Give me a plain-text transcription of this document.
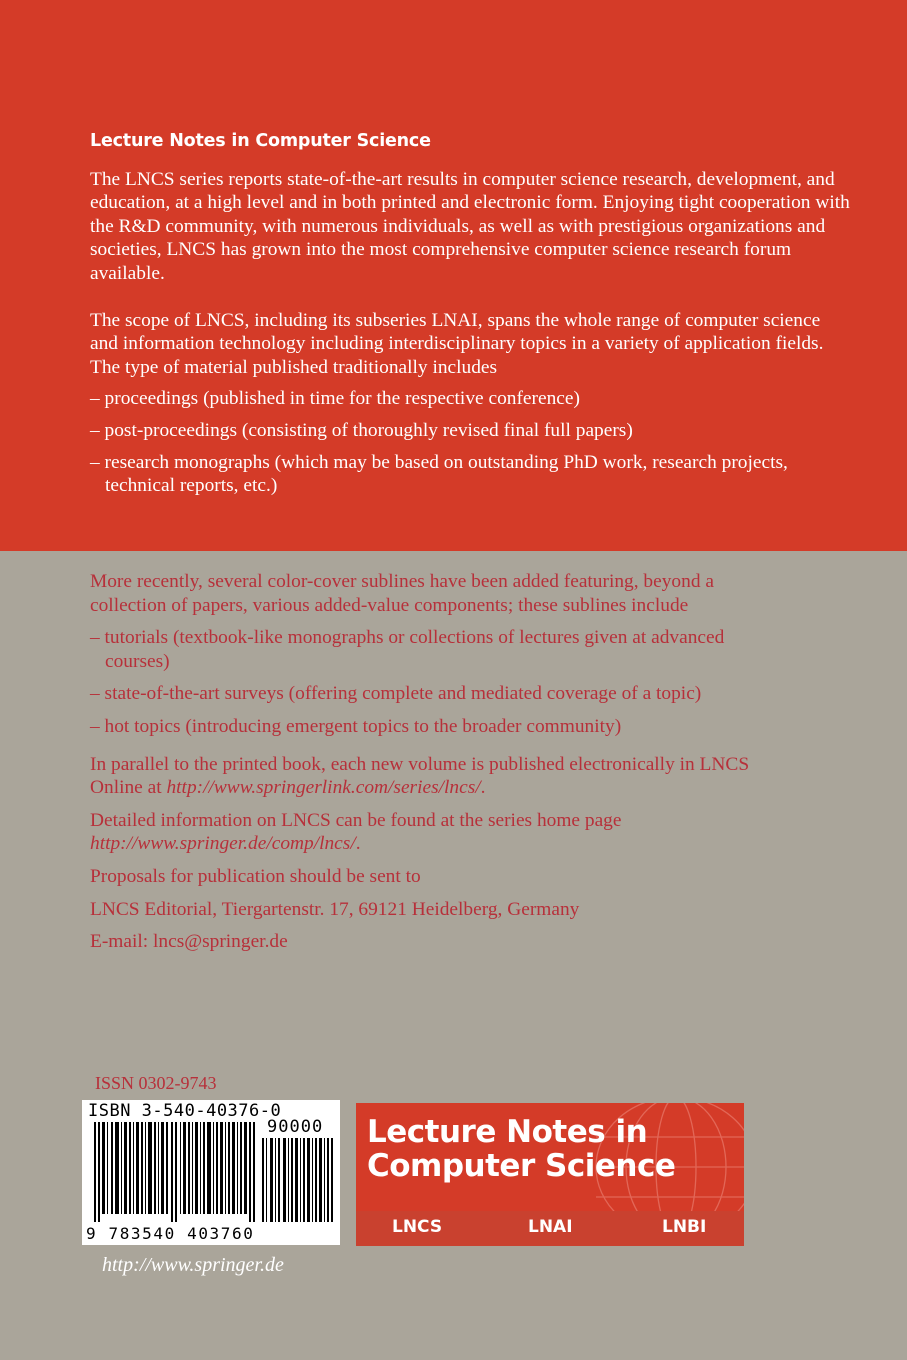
Lecture Notes in Computer Science

The LNCS series reports state-of-the-art results in computer science research, development, and education, at a high level and in both printed and electronic form. Enjoying tight cooperation with the R&D community, with numerous individuals, as well as with prestigious organizations and societies, LNCS has grown into the most comprehensive computer science research forum available.

The scope of LNCS, including its subseries LNAI, spans the whole range of computer science and information technology including interdisciplinary topics in a variety of application fields. The type of material published traditionally includes

– proceedings (published in time for the respective conference)

– post-proceedings (consisting of thoroughly revised final full papers)

– research monographs (which may be based on outstanding PhD work, research projects, technical reports, etc.)

More recently, several color-cover sublines have been added featuring, beyond a collection of papers, various added-value components; these sublines include

– tutorials (textbook-like monographs or collections of lectures given at advanced courses)

– state-of-the-art surveys (offering complete and mediated coverage of a topic)

– hot topics (introducing emergent topics to the broader community)

In parallel to the printed book, each new volume is published electronically in LNCS Online at http://www.springerlink.com/series/lncs/.

Detailed information on LNCS can be found at the series home page http://www.springer.de/comp/lncs/.

Proposals for publication should be sent to

LNCS Editorial, Tiergartenstr. 17, 69121 Heidelberg, Germany

E-mail: lncs@springer.de

ISSN 0302-9743
ISBN 3-540-40376-0
90000
9 783540 403760
http://www.springer.de
Lecture Notes in
Computer Science
LNCS	LNAI	LNBI
